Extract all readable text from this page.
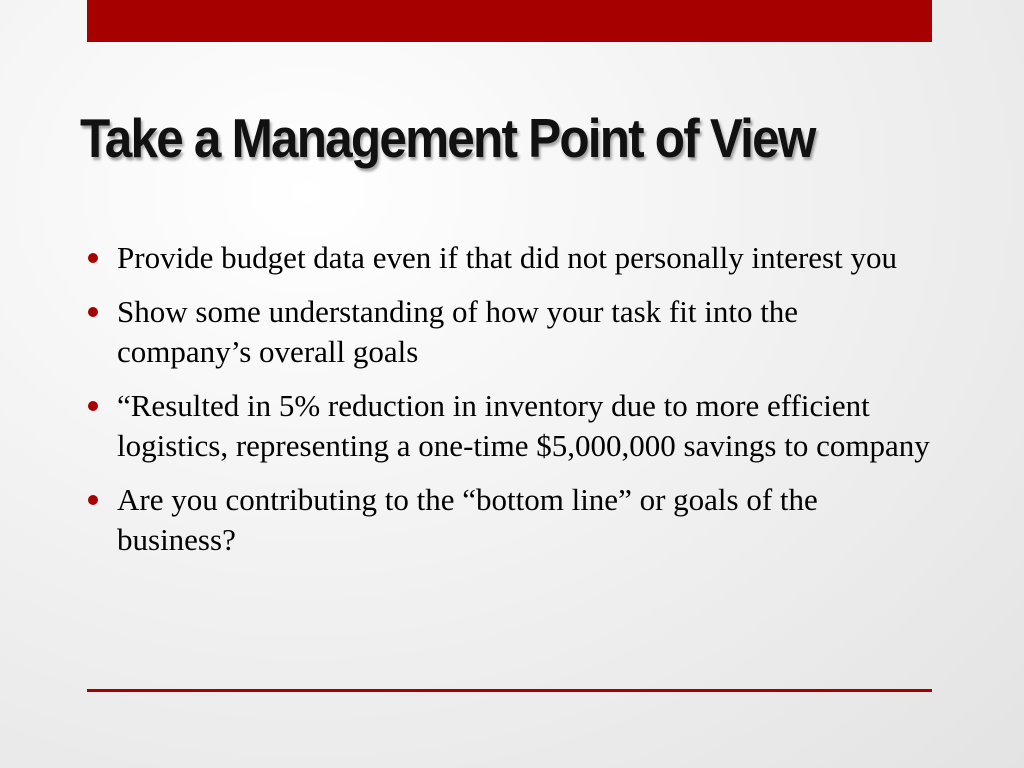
Take a Management Point of View
Provide budget data even if that did not personally interest you
Show some understanding of how your task fit into the company’s overall goals
“Resulted in 5% reduction in inventory due to more efficient logistics, representing a one-time $5,000,000 savings to company
Are you contributing to the “bottom line” or goals of the business?
